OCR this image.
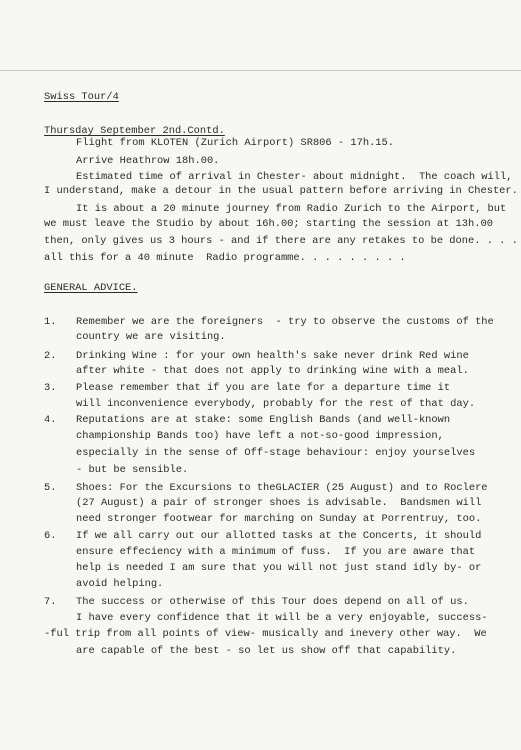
Swiss Tour/4
Thursday September 2nd.Contd.
Flight from KLOTEN (Zurich Airport) SR806 - 17h.15.
Arrive Heathrow 18h.00.
Estimated time of arrival in Chester- about midnight.  The coach will,
I understand, make a detour in the usual pattern before arriving in Chester.
It is about a 20 minute journey from Radio Zurich to the Airport, but
we must leave the Studio by about 16h.00; starting the session at 13h.00
then, only gives us 3 hours - and if there are any retakes to be done. . . .
all this for a 40 minute  Radio programme. . . . . . . . .
GENERAL ADVICE.
1. Remember we are the foreigners  - try to observe the customs of the
country we are visiting.
2. Drinking Wine : for your own health's sake never drink Red wine
after white - that does not apply to drinking wine with a meal.
3. Please remember that if you are late for a departure time it
will inconvenience everybody, probably for the rest of that day.
4. Reputations are at stake: some English Bands (and well-known
championship Bands too) have left a not-so-good impression,
especially in the sense of Off-stage behaviour: enjoy yourselves
- but be sensible.
5. Shoes: For the Excursions to theGLACIER (25 August) and to Roclere
(27 August) a pair of stronger shoes is advisable.  Bandsmen will
need stronger footwear for marching on Sunday at Porrentruy, too.
6. If we all carry out our allotted tasks at the Concerts, it should
ensure effeciency with a minimum of fuss.  If you are aware that
help is needed I am sure that you will not just stand idly by- or
avoid helping.
7. The success or otherwise of this Tour does depend on all of us.
I have every confidence that it will be a very enjoyable, success-
-ful trip from all points of view- musically and inevery other way.  We
are capable of the best - so let us show off that capability.
